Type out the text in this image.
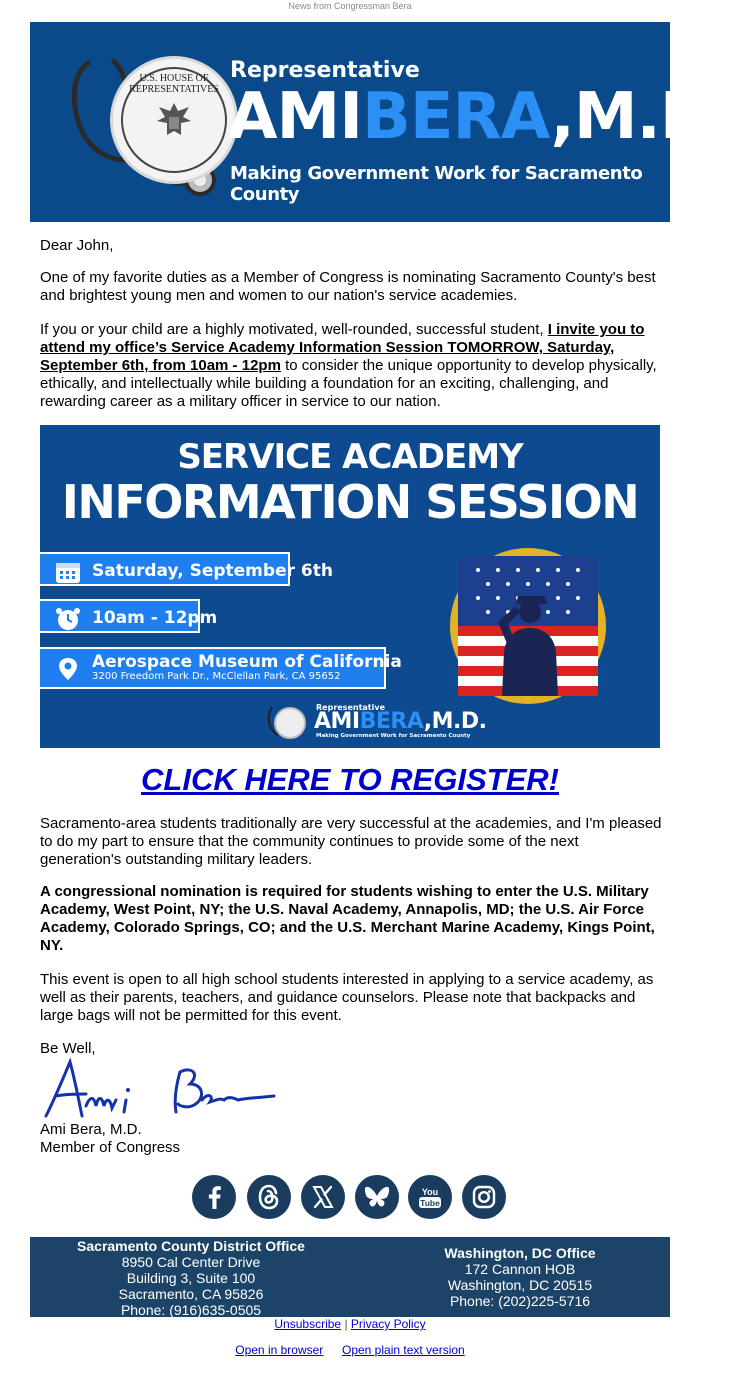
News from Congressman Bera
U.S. HOUSE OF REPRESENTATIVES
Representative
AMIBERA,M.D.
Making Government Work for Sacramento County
Dear John,
One of my favorite duties as a Member of Congress is nominating Sacramento County's best and brightest young men and women to our nation's service academies.
If you or your child are a highly motivated, well-rounded, successful student, I invite you to attend my office’s Service Academy Information Session TOMORROW, Saturday, September 6th, from 10am - 12pm to consider the unique opportunity to develop physically, ethically, and intellectually while building a foundation for an exciting, challenging, and rewarding career as a military officer in service to our nation.
SERVICE ACADEMY
INFORMATION SESSION
Saturday, September 6th
10am - 12pm
Aerospace Museum of California
3200 Freedom Park Dr., McClellan Park, CA 95652
Representative
AMIBERA,M.D.
Making Government Work for Sacramento County
CLICK HERE TO REGISTER!
Sacramento-area students traditionally are very successful at the academies, and I'm pleased to do my part to ensure that the community continues to provide some of the next generation's outstanding military leaders.
A congressional nomination is required for students wishing to enter the U.S. Military Academy, West Point, NY; the U.S. Naval Academy, Annapolis, MD; the U.S. Air Force Academy, Colorado Springs, CO; and the U.S. Merchant Marine Academy, Kings Point, NY.
This event is open to all high school students interested in applying to a service academy, as well as their parents, teachers, and guidance counselors. Please note that backpacks and large bags will not be permitted for this event.
Be Well,
Ami Bera, M.D.
Member of Congress
You
Tube
Sacramento County District Office
8950 Cal Center Drive
Building 3, Suite 100
Sacramento, CA 95826
Phone: (916)635-0505
Washington, DC Office
172 Cannon HOB
Washington, DC 20515
Phone: (202)225-5716
Unsubscribe | Privacy Policy
Open in browser Open plain text version
